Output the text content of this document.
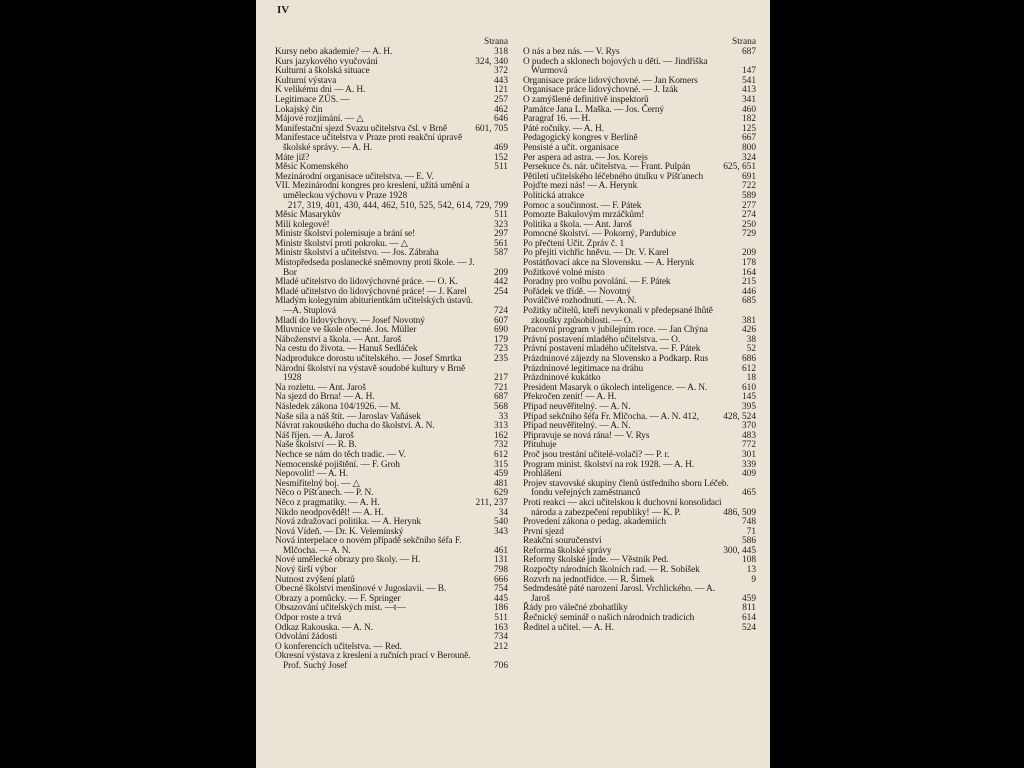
IV
Strana
Kursy nebo akademie? — A. H.	318
Kurs jazykového vyučování	324, 340
Kulturní a školská situace	372
Kulturní výstava	443
K velikému dni — A. H.	121
Legitimace ZÚS. —	257
Lokajský čin	462
Májové rozjímání. — △	646
Manifestační sjezd Svazu učitelstva čsl. v Brně	601, 705
Manifestace učitelstva v Praze proti reakční úpravě školské správy. — A. H.	469
Máte již?	152
Měsíc Komenského	511
Mezinárodní organisace učitelstva. — E. V.
VII. Mezinárodní kongres pro kreslení, užitá umění a uměleckou výchovu v Praze 1928
217, 319, 401, 430, 444, 462, 510, 525, 542, 614, 729, 799
Měsíc Masarykův	511
Milí kolegové!	323
Ministr školství polemisuje a brání se!	297
Ministr školství proti pokroku. — △	561
Ministr školství a učitelstvo. — Jos. Zábraha	587
Místopředseda poslanecké sněmovny proti škole. — J. Bor	209
Mladé učitelstvo do lidovýchovné práce. — O. K.	442
Mladé učitelstvo do lidovýchovné práce! — J. Karel	254
Mladým kolegyním abiturientkám učitelských ústavů. —A. Stuplová	724
Mladí do lidovýchovy. — Josef Novotný	607
Mluvnice ve škole obecné. Jos. Müller	690
Náboženství a škola. — Ant. Jaroš	179
Na cestu do života. — Hanuš Sedláček	723
Nadprodukce dorostu učitelského. — Josef Smrtka	235
Národní školství na výstavě soudobé kultury v Brně 1928	217
Na rozletu. — Ant. Jaroš	721
Na sjezd do Brna! — A. H.	687
Následek zákona 104/1926. — M.	568
Naše síla a náš štít. — Jaroslav Vaňásek	33
Návrat rakouského ducha do školství. A. N.	313
Náš říjen. — A. Jaroš	162
Naše školství — R. B.	732
Nechce se nám do těch tradic. — V.	612
Nemocenské pojištění. — F. Groh	315
Nepovolit! — A. H.	459
Nesmiřitelný boj. — △	481
Něco o Píšťanech. — P. N.	629
Něco z pragmatiky. — A. H.	211, 237
Nikdo neodpověděl! — A. H.	34
Nová zdražovací politika. — A. Herynk	540
Nová Vídeň. — Dr. K. Velemínský	343
Nová interpelace o novém případě sekčního šéfa F. Mlčocha. — A. N.	461
Nové umělecké obrazy pro školy. — H.	131
Nový širší výbor	798
Nutnost zvýšení platů	666
Obecné školství menšinové v Jugoslavii. — B.	754
Obrazy a pomůcky. — F. Springer	445
Obsazování učitelských míst. —t—	186
Odpor roste a trvá	511
Odkaz Rakouska. — A. N.	163
Odvolání žádosti	734
O konferencích učitelstva. — Red.	212
Okresní výstava z kreslení a ručních prací v Berouně. Prof. Suchý Josef	706
Strana
O nás a bez nás. — V. Rys	687
O pudech a sklonech bojových u dětí. — Jindřiška Wurmová	147
Organisace práce lidovýchovné. — Jan Komers	541
Organisace práce lidovýchovné. — J. Izák	413
O zamýšlené definitivě inspektorů	341
Památce Jana L. Maška. — Jos. Černý	460
Paragraf 16. — H.	182
Páté ročníky. — A. H.	125
Pedagogický kongres v Berlíně	667
Pensisté a učit. organisace	800
Per aspera ad astra. — Jos. Korejs	324
Persekuce čs. nár. učitelstva. — Frant. Pulpán	625, 651
Pětiletí učitelského léčebného útulku v Píšťanech	691
Pojďte mezi nás! — A. Herynk	722
Politická atrakce	589
Pomoc a součinnost. — F. Pátek	277
Pomozte Bakulovým mrzáčkům!	274
Politika a škola. — Ant. Jaroš	250
Pomocné školství. — Pokorný, Pardubice	729
Po přečtení Učit. Zpráv č. 1
Po přejití vichřic hněvu. — Dr. V. Karel	209
Postátňovací akce na Slovensku. — A. Herynk	178
Požitkové volné místo	164
Poradny pro volbu povolání. — F. Pátek	215
Pořádek ve třídě. — Novotný	446
Poválčivé rozhodnutí. — A. N.	685
Požitky učitelů, kteří nevykonali v předepsané lhůtě zkoušky způsobilosti. — O.	381
Pracovní program v jubilejním roce. — Jan Chýna	426
Právní postavení mladého učitelstva. — O.	38
Právní postavení mladého učitelstva. — F. Pátek	52
Prázdninové zájezdy na Slovensko a Podkarp. Rus	686
Prázdninové legitimace na dráhu	612
Prázdninové kukátko	18
President Masaryk o úkolech inteligence. — A. N.	610
Překročen zenit! — A. H.	145
Případ neuvěřitelný. — A. N.	395
Případ sekčního šéfa Fr. Mlčocha. — A. N. 412,	428, 524
Případ neuvěřitelný. — A. N.	370
Připravuje se nová rána! — V. Rys	483
Přituhuje	772
Proč jsou trestání učitelé-volači? — P. r.	301
Program minist. školství na rok 1928. — A. H.	339
Prohlášení	409
Projev stavovské skupiny členů ústředního sboru Léčeb. fondu veřejných zaměstnanců	465
Proti reakci — akci učitelskou k duchovní konsolidaci národa a zabezpečení republiky! — K. P.	486, 509
Provedení zákona o pedag. akademiích	748
První sjezd	71
Reakční souručenství	586
Reforma školské správy	300, 445
Reformy školské jinde. — Věstník Ped.	108
Rozpočty národních školních rad. — R. Sobíšek	13
Rozvrh na jednotřídce. — R. Šimek	9
Sedmdesáté páté narození Jarosl. Vrchlického. — A. Jaroš	459
Řády pro válečné zbohatlíky	811
Řečnický seminář o našich národních tradicích	614
Ředitel a učitel. — A. H.	524
